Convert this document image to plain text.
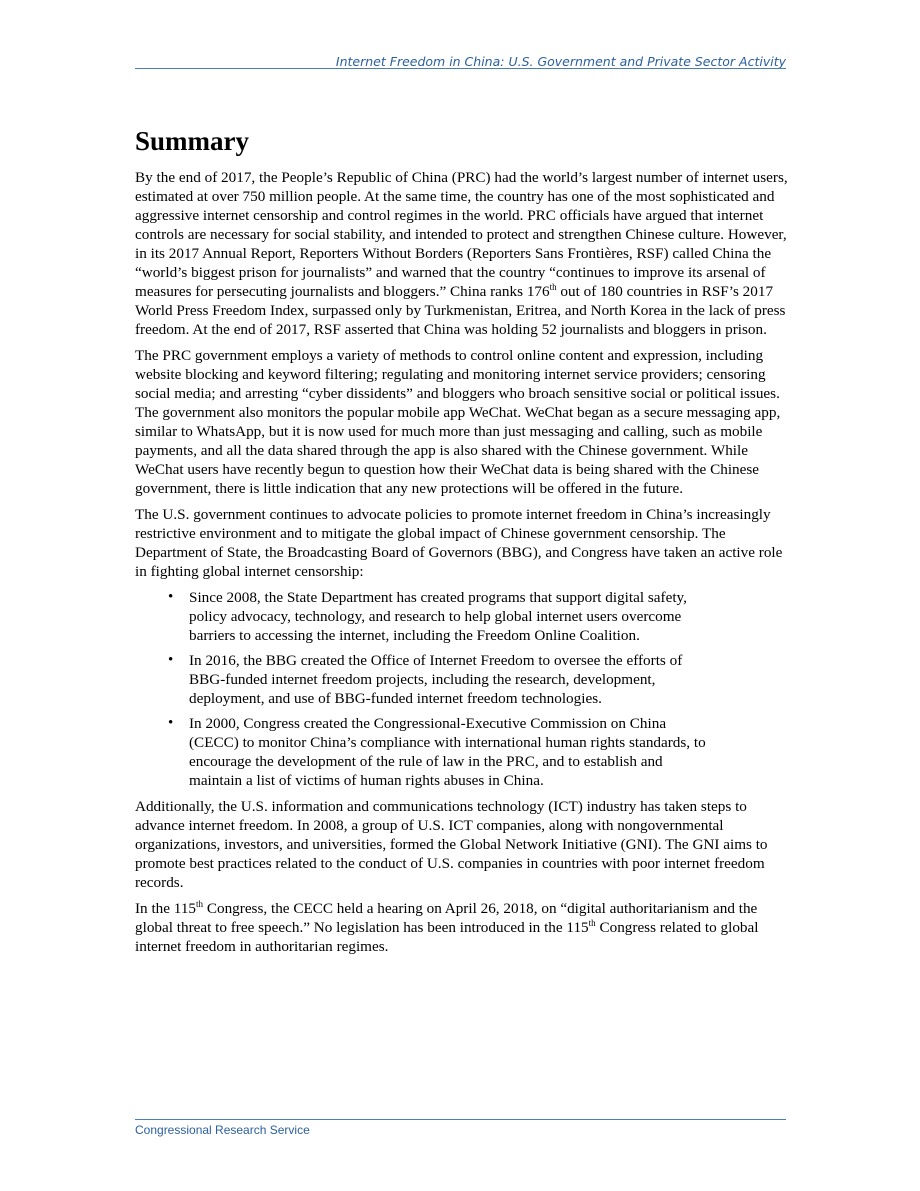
Internet Freedom in China: U.S. Government and Private Sector Activity
Summary

By the end of 2017, the People’s Republic of China (PRC) had the world’s largest number of internet users, estimated at over 750 million people. At the same time, the country has one of the most sophisticated and aggressive internet censorship and control regimes in the world. PRC officials have argued that internet controls are necessary for social stability, and intended to protect and strengthen Chinese culture. However, in its 2017 Annual Report, Reporters Without Borders (Reporters Sans Frontières, RSF) called China the “world’s biggest prison for journalists” and warned that the country “continues to improve its arsenal of measures for persecuting journalists and bloggers.” China ranks 176th out of 180 countries in RSF’s 2017 World Press Freedom Index, surpassed only by Turkmenistan, Eritrea, and North Korea in the lack of press freedom. At the end of 2017, RSF asserted that China was holding 52 journalists and bloggers in prison.

The PRC government employs a variety of methods to control online content and expression, including website blocking and keyword filtering; regulating and monitoring internet service providers; censoring social media; and arresting “cyber dissidents” and bloggers who broach sensitive social or political issues. The government also monitors the popular mobile app WeChat. WeChat began as a secure messaging app, similar to WhatsApp, but it is now used for much more than just messaging and calling, such as mobile payments, and all the data shared through the app is also shared with the Chinese government. While WeChat users have recently begun to question how their WeChat data is being shared with the Chinese government, there is little indication that any new protections will be offered in the future.

The U.S. government continues to advocate policies to promote internet freedom in China’s increasingly restrictive environment and to mitigate the global impact of Chinese government censorship. The Department of State, the Broadcasting Board of Governors (BBG), and Congress have taken an active role in fighting global internet censorship:

• Since 2008, the State Department has created programs that support digital safety, policy advocacy, technology, and research to help global internet users overcome barriers to accessing the internet, including the Freedom Online Coalition.
• In 2016, the BBG created the Office of Internet Freedom to oversee the efforts of BBG-funded internet freedom projects, including the research, development, deployment, and use of BBG-funded internet freedom technologies.
• In 2000, Congress created the Congressional-Executive Commission on China (CECC) to monitor China’s compliance with international human rights standards, to encourage the development of the rule of law in the PRC, and to establish and maintain a list of victims of human rights abuses in China.

Additionally, the U.S. information and communications technology (ICT) industry has taken steps to advance internet freedom. In 2008, a group of U.S. ICT companies, along with nongovernmental organizations, investors, and universities, formed the Global Network Initiative (GNI). The GNI aims to promote best practices related to the conduct of U.S. companies in countries with poor internet freedom records.

In the 115th Congress, the CECC held a hearing on April 26, 2018, on “digital authoritarianism and the global threat to free speech.” No legislation has been introduced in the 115th Congress related to global internet freedom in authoritarian regimes.

Congressional Research Service
